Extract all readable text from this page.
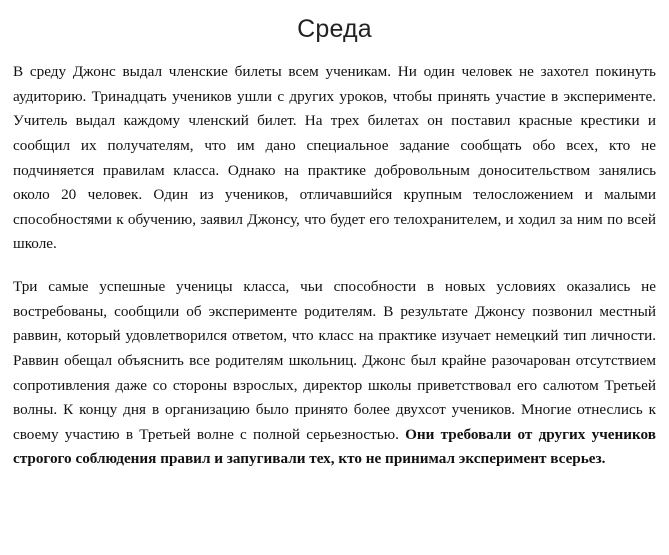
Среда

В среду Джонс выдал членские билеты всем ученикам. Ни один человек не захотел покинуть аудиторию. Тринадцать учеников ушли с других уроков, чтобы принять участие в эксперименте. Учитель выдал каждому членский билет. На трех билетах он поставил красные крестики и сообщил их получателям, что им дано специальное задание сообщать обо всех, кто не подчиняется правилам класса. Однако на практике добровольным доносительством занялись около 20 человек. Один из учеников, отличавшийся крупным телосложением и малыми способностями к обучению, заявил Джонсу, что будет его телохранителем, и ходил за ним по всей школе.

Три самые успешные ученицы класса, чьи способности в новых условиях оказались не востребованы, сообщили об эксперименте родителям. В результате Джонсу позвонил местный раввин, который удовлетворился ответом, что класс на практике изучает немецкий тип личности. Раввин обещал объяснить все родителям школьниц. Джонс был крайне разочарован отсутствием сопротивления даже со стороны взрослых, директор школы приветствовал его салютом Третьей волны. К концу дня в организацию было принято более двухсот учеников. Многие отнеслись к своему участию в Третьей волне с полной серьезностью. Они требовали от других учеников строгого соблюдения правил и запугивали тех, кто не принимал эксперимент всерьез.
